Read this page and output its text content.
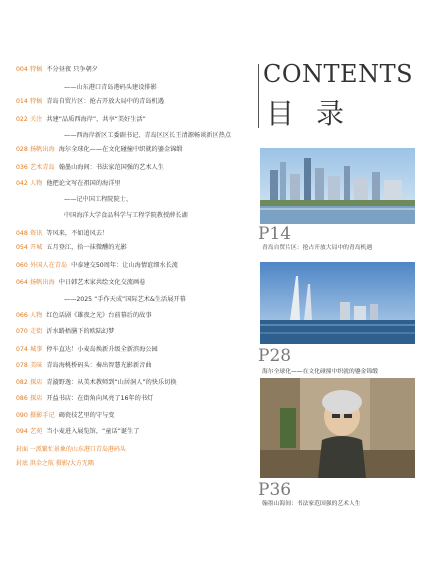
004 特稿 不分昼夜 只争朝夕
——山东港口青岛港码头建设排影
014 特稿 青岛自贸片区：抢占开放大局中的青岛机遇
022 关注 共建“品质西海岸”，共享“美好生活”
——西海岸新区工委副书记、青岛区区长王清源畅谈新区热点
028 扬帆出海 海尔全球化——在文化碰撞中织就的鎏金锦缎
036 艺术青岛 翰墨山海间：书法家范国强的艺术人生
042 人物 他把论文写在祖国的海洋里
——记中国工程院院士、
中国海洋大学食品科学与工程学院教授薛长湖
048 资讯 等风来，不如追风去！
054 开城 五月登江，拾一抹微醺的光影
060 外国人在青岛 中泰建交50周年：让山海情谊细水长流
064 扬帆出海 中日韩艺术家共绘文化交流画卷
——2025 “手作天成”国际艺术&生活展开幕
066 人物 红色话剧《雄夜之光》台前幕后的故事
070 走街 沂水路梧膳下的欧陆幻梦
074 城事 停车直达！小麦岛焕新升级全新滨海公园
078 美味 青岛海桃桥码头：奏出智慧光影新音曲
082 探店 青漩野逸：从美术教师到“山居洞人”的快乐切换
086 探店 开益书店：在街角向风亮了16年的书灯
090 摄影手记 碣瓷技艺里的守与变
094 艺苑 当小麦进入展览馆，“童话”诞生了
封面 一派繁忙景象的山东港口青岛港码头
封底 洪金之航 摄影/大方无隅
CONTENTS
目录
P14
青岛自贸片区：抢占开放大局中的青岛机遇
P28
海尔全球化——在文化碰撞中织就的鎏金锦缎
P36
翰墨山海间：书法家范国强的艺术人生
